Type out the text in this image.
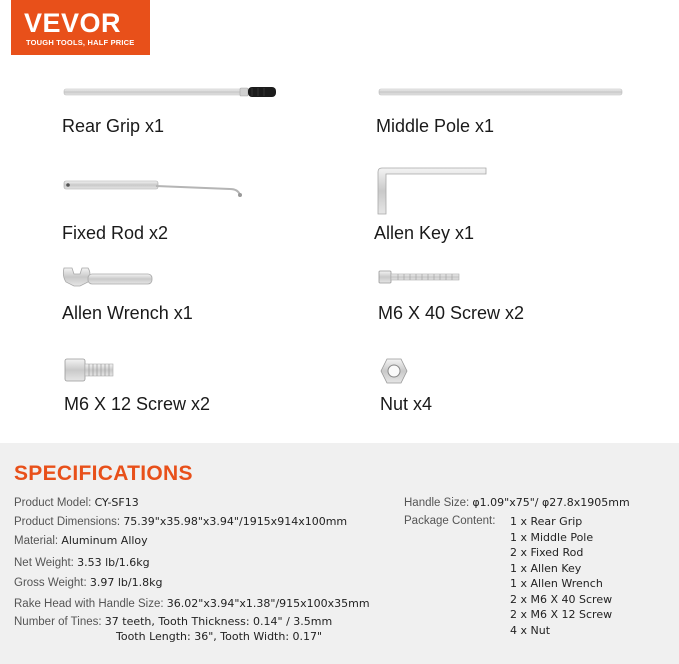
VEVOR
TOUGH TOOLS, HALF PRICE
Rear Grip x1	Middle Pole x1
Fixed Rod x2	Allen Key x1
Allen Wrench x1	M6 X 40 Screw x2
M6 X 12 Screw x2	Nut x4
SPECIFICATIONS
Product Model: CY-SF13
Product Dimensions: 75.39"x35.98"x3.94"/1915x914x100mm
Material: Aluminum Alloy
Net Weight: 3.53 lb/1.6kg
Gross Weight: 3.97 lb/1.8kg
Rake Head with Handle Size: 36.02"x3.94"x1.38"/915x100x35mm
Number of Tines: 37 teeth, Tooth Thickness: 0.14" / 3.5mm
Tooth Length: 36", Tooth Width: 0.17"
Handle Size: φ1.09"x75"/ φ27.8x1905mm
Package Content: 1 x Rear Grip
1 x Middle Pole
2 x Fixed Rod
1 x Allen Key
1 x Allen Wrench
2 x M6 X 40 Screw
2 x M6 X 12 Screw
4 x Nut
